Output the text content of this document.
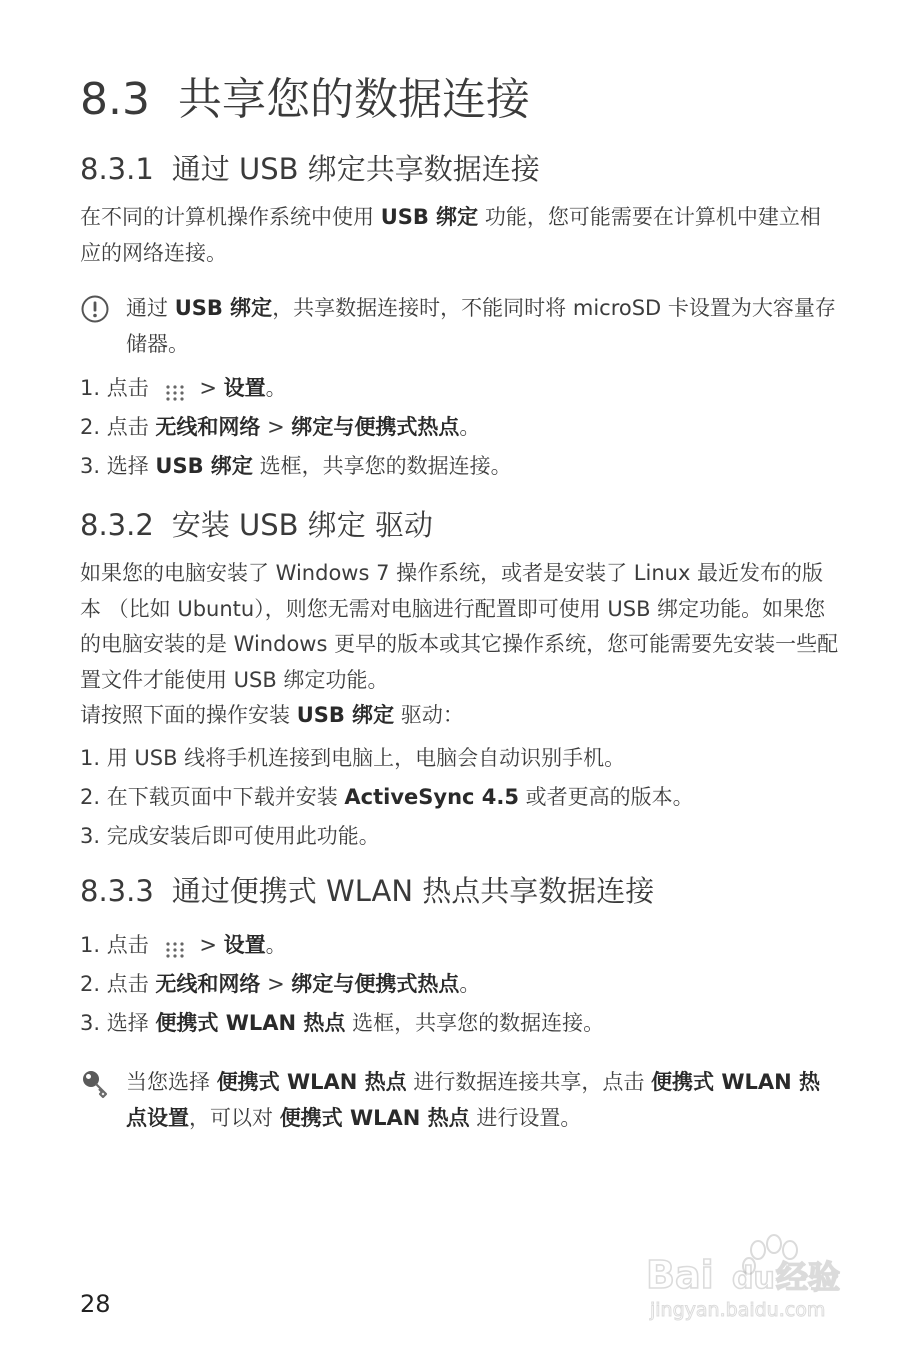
8.3 共享您的数据连接
8.3.1 通过 USB 绑定共享数据连接
在不同的计算机操作系统中使用 USB 绑定 功能，您可能需要在计算机中建立相应的网络连接。
通过 USB 绑定，共享数据连接时，不能同时将 microSD 卡设置为大容量存储器。
1. 点击 > 设置。
2. 点击 无线和网络 > 绑定与便携式热点。
3. 选择 USB 绑定 选框，共享您的数据连接。
8.3.2 安装 USB 绑定 驱动
如果您的电脑安装了 Windows 7 操作系统，或者是安装了 Linux 最近发布的版本 （比如 Ubuntu），则您无需对电脑进行配置即可使用 USB 绑定功能。如果您的电脑安装的是 Windows 更早的版本或其它操作系统，您可能需要先安装一些配置文件才能使用 USB 绑定功能。
请按照下面的操作安装 USB 绑定 驱动：
1. 用 USB 线将手机连接到电脑上，电脑会自动识别手机。
2. 在下载页面中下载并安装 ActiveSync 4.5 或者更高的版本。
3. 完成安装后即可使用此功能。
8.3.3 通过便携式 WLAN 热点共享数据连接
1. 点击 > 设置。
2. 点击 无线和网络 > 绑定与便携式热点。
3. 选择 便携式 WLAN 热点 选框，共享您的数据连接。
当您选择 便携式 WLAN 热点 进行数据连接共享，点击 便携式 WLAN 热点设置，可以对 便携式 WLAN 热点 进行设置。
28
Bai du 经验
jingyan.baidu.com
